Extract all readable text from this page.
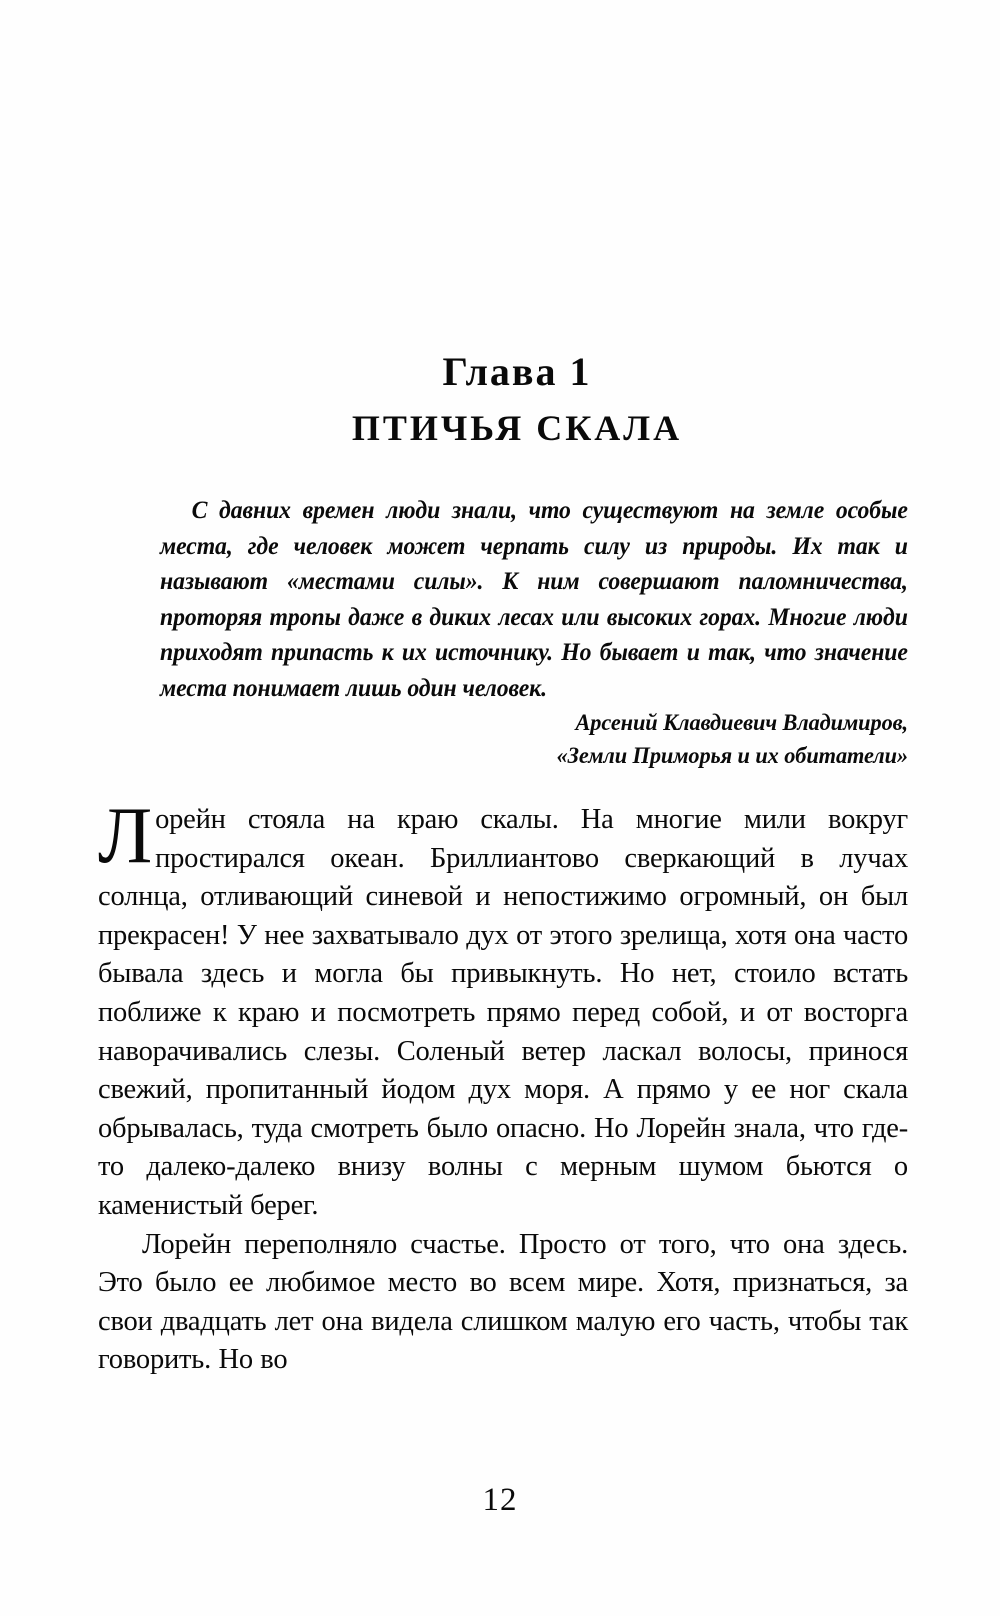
Глава 1
ПТИЧЬЯ СКАЛА

С давних времен люди знали, что существуют на земле особые места, где человек может черпать силу из природы. Их так и называют «местами силы». К ним совершают паломничества, проторяя тропы даже в диких лесах или высоких горах. Многие люди приходят припасть к их источнику. Но бывает и так, что значение места понимает лишь один человек.

Арсений Клавдиевич Владимиров,
«Земли Приморья и их обитатели»

Лорейн стояла на краю скалы. На многие мили вокруг простирался океан. Бриллиантово сверкающий в лучах солнца, отливающий синевой и непостижимо огромный, он был прекрасен! У нее захватывало дух от этого зрелища, хотя она часто бывала здесь и могла бы привыкнуть. Но нет, стоило встать поближе к краю и посмотреть прямо перед собой, и от восторга наворачивались слезы. Соленый ветер ласкал волосы, принося свежий, пропитанный йодом дух моря. А прямо у ее ног скала обрывалась, туда смотреть было опасно. Но Лорейн знала, что где-то далеко-далеко внизу волны с мерным шумом бьются о каменистый берег.

Лорейн переполняло счастье. Просто от того, что она здесь. Это было ее любимое место во всем мире. Хотя, признаться, за свои двадцать лет она видела слишком малую его часть, чтобы так говорить. Но во

12
